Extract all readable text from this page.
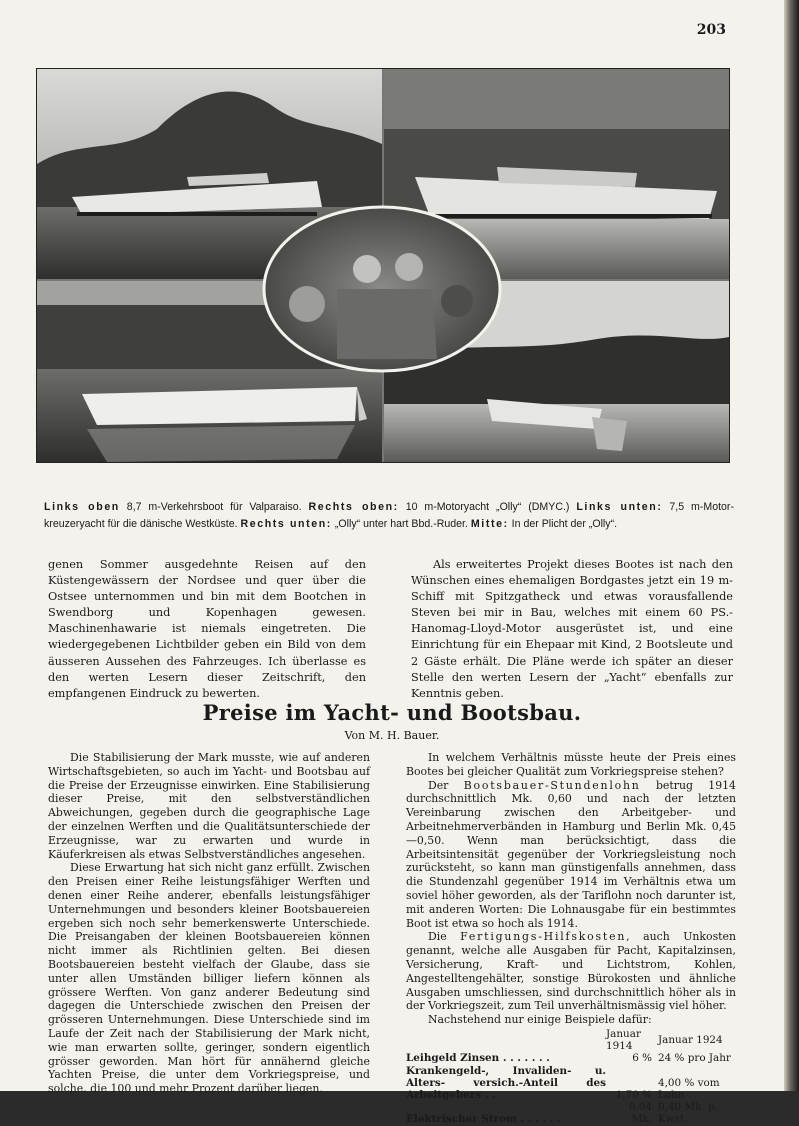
203
Links oben 8,7 m-Verkehrsboot für Valparaiso. Rechts oben: 10 m-Motoryacht „Olly“ (DMYC.) Links unten: 7,5 m-Motor- kreuzeryacht für die dänische Westküste. Rechts unten: „Olly“ unter hart Bbd.-Ruder. Mitte: In der Plicht der „Olly“.

genen Sommer ausgedehnte Reisen auf den Küstengewässern der Nordsee und quer über die Ostsee unternommen und bin mit dem Bootchen in Swendborg und Kopenhagen gewesen. Maschinenhawarie ist niemals eingetreten. Die wiedergegebenen Lichtbilder geben ein Bild von dem äusseren Aussehen des Fahrzeuges. Ich überlasse es den werten Lesern dieser Zeitschrift, den empfangenen Eindruck zu bewerten.

Als erweitertes Projekt dieses Bootes ist nach den Wünschen eines ehemaligen Bordgastes jetzt ein 19 m-Schiff mit Spitzgatheck und etwas vorausfallende Steven bei mir in Bau, welches mit einem 60 PS.-Hanomag-Lloyd-Motor ausgerüstet ist, und eine Einrichtung für ein Ehepaar mit Kind, 2 Bootsleute und 2 Gäste erhält. Die Pläne werde ich später an dieser Stelle den werten Lesern der „Yacht“ ebenfalls zur Kenntnis geben.

Preise im Yacht- und Bootsbau.
Von M. H. Bauer.

Die Stabilisierung der Mark musste, wie auf anderen Wirtschaftsgebieten, so auch im Yacht- und Bootsbau auf die Preise der Erzeugnisse einwirken. Eine Stabilisierung dieser Preise, mit den selbstverständlichen Abweichungen, gegeben durch die geographische Lage der einzelnen Werften und die Qualitätsunterschiede der Erzeugnisse, war zu erwarten und wurde in Käuferkreisen als etwas Selbstverständliches angesehen.

Diese Erwartung hat sich nicht ganz erfüllt. Zwischen den Preisen einer Reihe leistungsfähiger Werften und denen einer Reihe anderer, ebenfalls leistungsfähiger Unternehmungen und besonders kleiner Bootsbauereien ergeben sich noch sehr bemerkenswerte Unterschiede. Die Preisangaben der kleinen Bootsbauereien können nicht immer als Richtlinien gelten. Bei diesen Bootsbauereien besteht vielfach der Glaube, dass sie unter allen Umständen billiger liefern können als grössere Werften. Von ganz anderer Bedeutung sind dagegen die Unterschiede zwischen den Preisen der grösseren Unternehmungen. Diese Unterschiede sind im Laufe der Zeit nach der Stabilisierung der Mark nicht, wie man erwarten sollte, geringer, sondern eigentlich grösser geworden. Man hört für annähernd gleiche Yachten Preise, die unter dem Vorkriegspreise, und solche, die 100 und mehr Prozent darüber liegen.

In welchem Verhältnis müsste heute der Preis eines Bootes bei gleicher Qualität zum Vorkriegspreise stehen?

Der Bootsbauer-Stundenlohn betrug 1914 durchschnittlich Mk. 0,60 und nach der letzten Vereinbarung zwischen den Arbeitgeber- und Arbeitnehmerverbänden in Hamburg und Berlin Mk. 0,45—0,50. Wenn man berücksichtigt, dass die Arbeitsintensität gegenüber der Vorkriegsleistung noch zurücksteht, so kann man günstigenfalls annehmen, dass die Stundenzahl gegenüber 1914 im Verhältnis etwa um soviel höher geworden, als der Tariflohn noch darunter ist, mit anderen Worten: Die Lohnausgabe für ein bestimmtes Boot ist etwa so hoch als 1914.

Die Fertigungs-Hilfskosten, auch Unkosten genannt, welche alle Ausgaben für Pacht, Kapitalzinsen, Versicherung, Kraft- und Lichtstrom, Kohlen, Angestelltengehälter, sonstige Bürokosten und ähnliche Ausgaben umschliessen, sind durchschnittlich höher als in der Vorkriegszeit, zum Teil unverhältnismässig viel höher.

Nachstehend nur einige Beispiele dafür:

	Januar 1914	Januar 1924
Leihgeld Zinsen . . . . . . .	6 %	24 % pro Jahr
Krankengeld-, Invaliden- u. Alters- versich.-Anteil des Arbeitgebers . .	1,70 %	4,00 % vom Lohn
Elektrischer Strom . . . . . .	0,04 Mk.	0,40 Mk. p. Kwst.
